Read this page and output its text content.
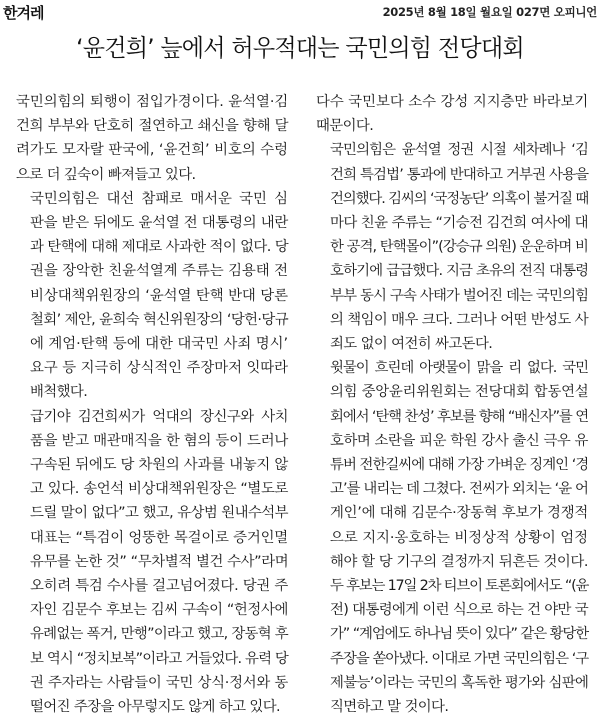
한겨레	2025년 8월 18일 월요일 027면 오피니언
‘윤건희’ 늪에서 허우적대는 국민의힘 전당대회

국민의힘의 퇴행이 점입가경이다. 윤석열·김
건희 부부와 단호히 절연하고 쇄신을 향해 달
려가도 모자랄 판국에, ‘윤건희’ 비호의 수렁
으로 더 깊숙이 빠져들고 있다.

국민의힘은 대선 참패로 매서운 국민 심
판을 받은 뒤에도 윤석열 전 대통령의 내란
과 탄핵에 대해 제대로 사과한 적이 없다. 당
권을 장악한 친윤석열계 주류는 김용태 전
비상대책위원장의 ‘윤석열 탄핵 반대 당론
철회’ 제안, 윤희숙 혁신위원장의 ‘당헌·당규
에 계엄·탄핵 등에 대한 대국민 사죄 명시’
요구 등 지극히 상식적인 주장마저 잇따라
배척했다.

급기야 김건희씨가 억대의 장신구와 사치
품을 받고 매관매직을 한 혐의 등이 드러나
구속된 뒤에도 당 차원의 사과를 내놓지 않
고 있다. 송언석 비상대책위원장은 “별도로
드릴 말이 없다”고 했고, 유상범 원내수석부
대표는 “특검이 엉뚱한 목걸이로 증거인멸
유무를 논한 것” “무차별적 별건 수사”라며
오히려 특검 수사를 걸고넘어졌다. 당권 주
자인 김문수 후보는 김씨 구속이 “헌정사에
유례없는 폭거, 만행”이라고 했고, 장동혁 후
보 역시 “정치보복”이라고 거들었다. 유력 당
권 주자라는 사람들이 국민 상식·정서와 동
떨어진 주장을 아무렇지도 않게 하고 있다.

다수 국민보다 소수 강성 지지층만 바라보기
때문이다.

국민의힘은 윤석열 정권 시절 세차례나 ‘김
건희 특검법’ 통과에 반대하고 거부권 사용을
건의했다. 김씨의 ‘국정농단’ 의혹이 불거질 때
마다 친윤 주류는 “기승전 김건희 여사에 대
한 공격, 탄핵몰이”(강승규 의원) 운운하며 비
호하기에 급급했다. 지금 초유의 전직 대통령
부부 동시 구속 사태가 벌어진 데는 국민의힘
의 책임이 매우 크다. 그러나 어떤 반성도 사
죄도 없이 여전히 싸고돈다.

윗물이 흐린데 아랫물이 맑을 리 없다. 국민
의힘 중앙윤리위원회는 전당대회 합동연설
회에서 ‘탄핵 찬성’ 후보를 향해 “배신자”를 연
호하며 소란을 피운 학원 강사 출신 극우 유
튜버 전한길씨에 대해 가장 가벼운 징계인 ‘경
고’를 내리는 데 그쳤다. 전씨가 외치는 ‘윤 어
게인’에 대해 김문수·장동혁 후보가 경쟁적
으로 지지·옹호하는 비정상적 상황이 엄정
해야 할 당 기구의 결정까지 뒤흔든 것이다.
두 후보는 17일 2차 티브이 토론회에서도 “(윤
전) 대통령에게 이런 식으로 하는 건 야만 국
가” “계엄에도 하나님 뜻이 있다” 같은 황당한
주장을 쏟아냈다. 이대로 가면 국민의힘은 ‘구
제불능’이라는 국민의 혹독한 평가와 심판에
직면하고 말 것이다.
